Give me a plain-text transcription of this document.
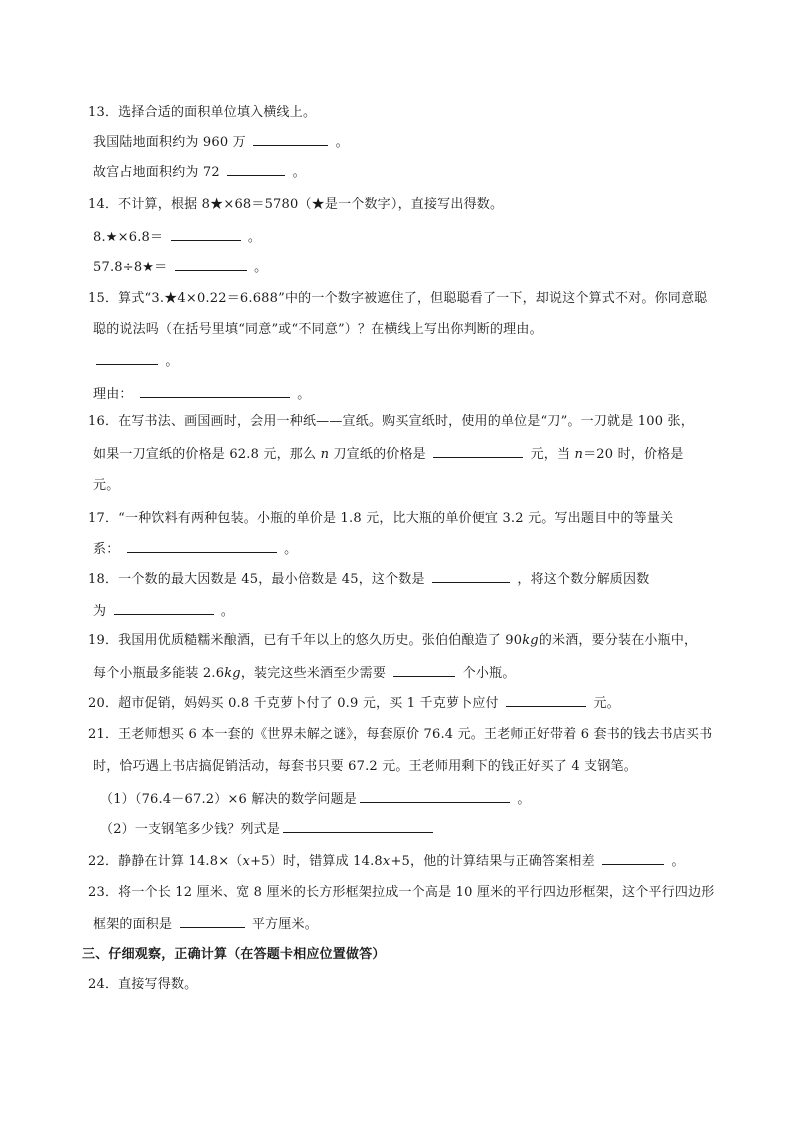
13．选择合适的面积单位填入横线上。
我国陆地面积约为 960 万	。
故宫占地面积约为 72	。
14．不计算，根据 8★×68＝5780（★是一个数字），直接写出得数。
8.★×6.8＝	。
57.8÷8★＝	。
15．算式“3.★4×0.22＝6.688”中的一个数字被遮住了，但聪聪看了一下，却说这个算式不对。你同意聪
聪的说法吗（在括号里填“同意”或“不同意”）？在横线上写出你判断的理由。
。
理由：	。
16．在写书法、画国画时，会用一种纸——宣纸。购买宣纸时，使用的单位是“刀”。一刀就是 100 张，
如果一刀宣纸的价格是 62.8 元，那么 n 刀宣纸的价格是	元，当 n＝20 时，价格是
元。
17．“一种饮料有两种包装。小瓶的单价是 1.8 元，比大瓶的单价便宜 3.2 元。写出题目中的等量关
系：	。
18．一个数的最大因数是 45，最小倍数是 45，这个数是	，将这个数分解质因数
为	。
19．我国用优质糙糯米酿酒，已有千年以上的悠久历史。张伯伯酿造了 90kg的米酒，要分装在小瓶中，
每个小瓶最多能装 2.6kg，装完这些米酒至少需要	个小瓶。
20．超市促销，妈妈买 0.8 千克萝卜付了 0.9 元，买 1 千克萝卜应付	元。
21．王老师想买 6 本一套的《世界未解之谜》，每套原价 76.4 元。王老师正好带着 6 套书的钱去书店买书
时，恰巧遇上书店搞促销活动，每套书只要 67.2 元。王老师用剩下的钱正好买了 4 支钢笔。
（1）（76.4－67.2）×6 解决的数学问题是	。
（2）一支钢笔多少钱？列式是
22．静静在计算 14.8×（x+5）时，错算成 14.8x+5，他的计算结果与正确答案相差	。
23．将一个长 12 厘米、宽 8 厘米的长方形框架拉成一个高是 10 厘米的平行四边形框架，这个平行四边形
框架的面积是	平方厘米。
三、仔细观察，正确计算（在答题卡相应位置做答）
24．直接写得数。
